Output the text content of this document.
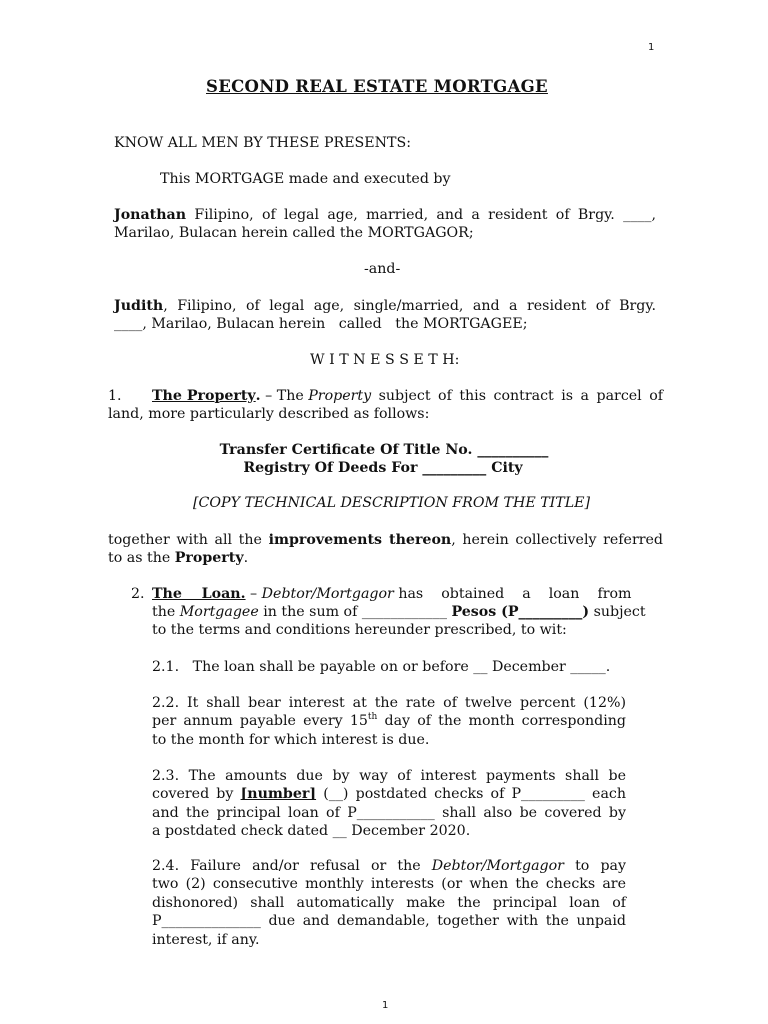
1
SECOND REAL ESTATE MORTGAGE

KNOW ALL MEN BY THESE PRESENTS:

This MORTGAGE made and executed by

Jonathan Filipino, of legal age, married, and a resident of Brgy. ____,

Marilao, Bulacan herein called the MORTGAGOR;

-and-

Judith, Filipino, of legal age, single/married, and a resident of Brgy.

____, Marilao, Bulacan herein   called   the MORTGAGEE;

W I T N E S S E T H:

1.	The Property . – The Property subject of this contract is a parcel of

land, more particularly described as follows:

Transfer Certificate Of Title No. __________

Registry Of Deeds For _________ City

[COPY TECHNICAL DESCRIPTION FROM THE TITLE]

together with all the improvements thereon, herein collectively referred

to as the Property.

2. The    Loan. – Debtor/Mortgagor has    obtained    a    loan    from

the Mortgagee in the sum of ____________ Pesos (P_________) subject

to the terms and conditions hereunder prescribed, to wit:

2.1.   The loan shall be payable on or before __ December _____.

2.2. It shall bear interest at the rate of twelve percent (12%)

per annum payable every 15th day of the month corresponding

to the month for which interest is due.

2.3. The amounts due by way of interest payments shall be

covered by [number] (__) postdated checks of P_________ each

and the principal loan of P___________ shall also be covered by

a postdated check dated __ December 2020.

2.4. Failure and/or refusal or the Debtor/Mortgagor to pay

two (2) consecutive monthly interests (or when the checks are

dishonored) shall automatically make the principal loan of

P______________ due and demandable, together with the unpaid

interest, if any.

1
